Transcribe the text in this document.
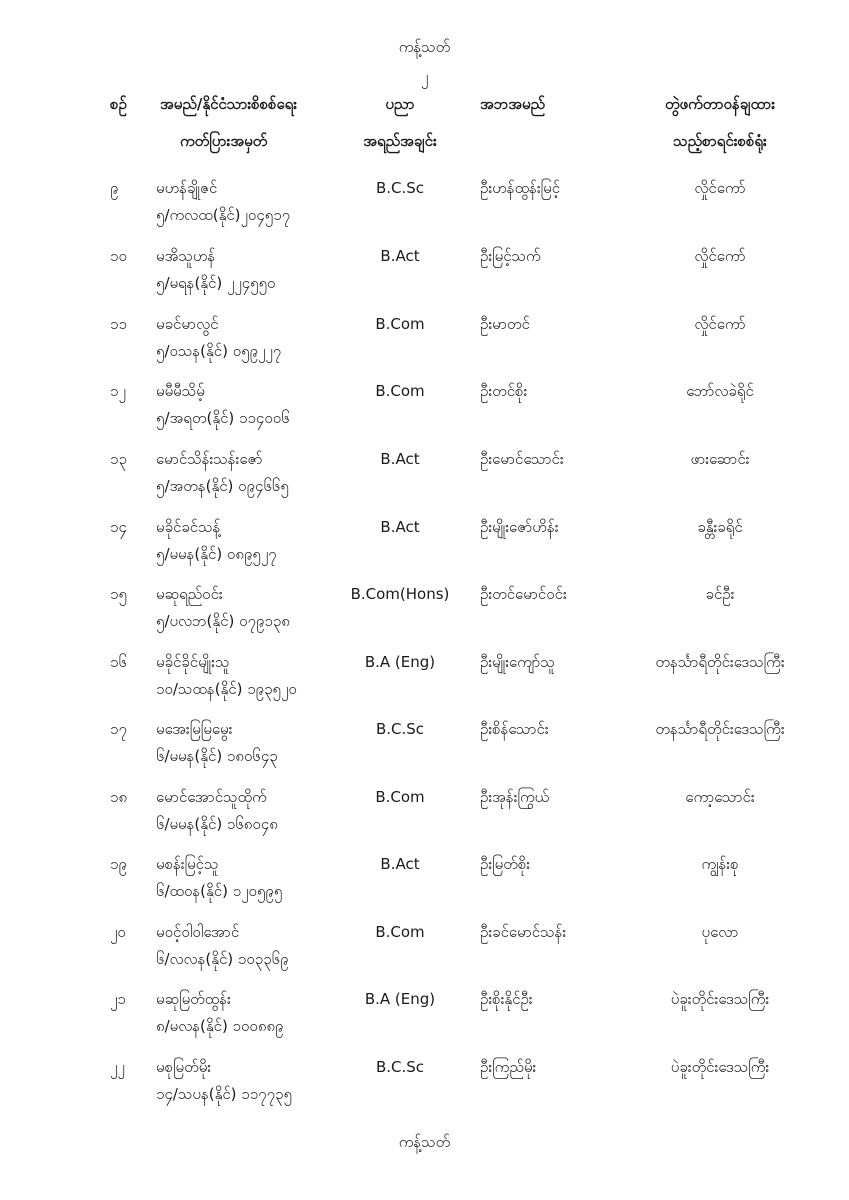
ကန့်သတ်
၂
စဉ် အမည်/နိုင်ငံသားစိစစ်ရေး
ကတ်ပြားအမှတ်
ပညာ
အရည်အချင်း
အဘအမည်	တွဲဖက်တာဝန်ချထား
သည့်စာရင်းစစ်ရုံး
၉	မဟန်ချိုဇင်
၅/ကလထ(နိုင်)၂၀၄၅၁၇
B.C.Sc	ဦးဟန်ထွန်းမြင့်	လှိုင်ကော်
၁၀	မအိသူဟန်
၅/မရန(နိုင်) ၂၂၄၅၅၀
B.Act	ဦးမြင့်သက်	လှိုင်ကော်
၁၁	မခင်မာလွင်
၅/ဝသန(နိုင်) ၀၅၉၂၂၇
B.Com	ဦးမာတင်	လှိုင်ကော်
၁၂	မမီမီသိမ့်
၅/အရတ(နိုင်) ၁၁၄၀၀၆
B.Com	ဦးတင်စိုး	ဘော်လခဲရိုင်
၁၃	မောင်သိန်းသန်းဇော်
၅/အတန(နိုင်) ၀၉၄၆၆၅
B.Act	ဦးမောင်သောင်း	ဖားဆောင်း
၁၄	မခိုင်ခင်သန့်
၅/မမန(နိုင်) ၀၈၉၅၂၇
B.Act	ဦးမျိုးဇော်ဟိန်း	ခန္တီးခရိုင်
၁၅	မဆုရည်ဝင်း
၅/ပလဘ(နိုင်) ၀၇၉၁၃၈
B.Com(Hons)	ဦးတင်မောင်ဝင်း	ခင်ဦး
၁၆	မခိုင်ခိုင်မျိုးသူ
၁၀/သထန(နိုင်) ၁၉၃၅၂၀
B.A (Eng)	ဦးမျိုးကျော်သူ	တနင်္သာရီတိုင်းဒေသကြီး
၁၇	မအေးမြမြမွေး
၆/မမန(နိုင်) ၁၈၀၆၄၃
B.C.Sc	ဦးစိန်သောင်း	တနင်္သာရီတိုင်းဒေသကြီး
၁၈	မောင်အောင်သူထိုက်
၆/မမန(နိုင်) ၁၆၈၀၄၈
B.Com	ဦးအုန်းကြွယ်	ကော့သောင်း
၁၉	မစန်းမြင့်သူ
၆/ထဝန(နိုင်) ၁၂၀၅၉၅
B.Act	ဦးမြတ်စိုး	ကျွန်းစု
၂၀	မဝင့်ဝါဝါအောင်
၆/လလန(နိုင်) ၁၀၃၃၆၉
B.Com	ဦးခင်မောင်သန်း	ပုလော
၂၁	မဆုမြတ်ထွန်း
၈/မလန(နိုင်) ၁၀၀၈၈၉
B.A (Eng)	ဦးစိုးနိုင်ဦး	ပဲခူးတိုင်းဒေသကြီး
၂၂	မစုမြတ်မိုး
၁၄/သပန(နိုင်) ၁၁၇၇၃၅
B.C.Sc	ဦးကြည်မိုး	ပဲခူးတိုင်းဒေသကြီး
ကန့်သတ်
